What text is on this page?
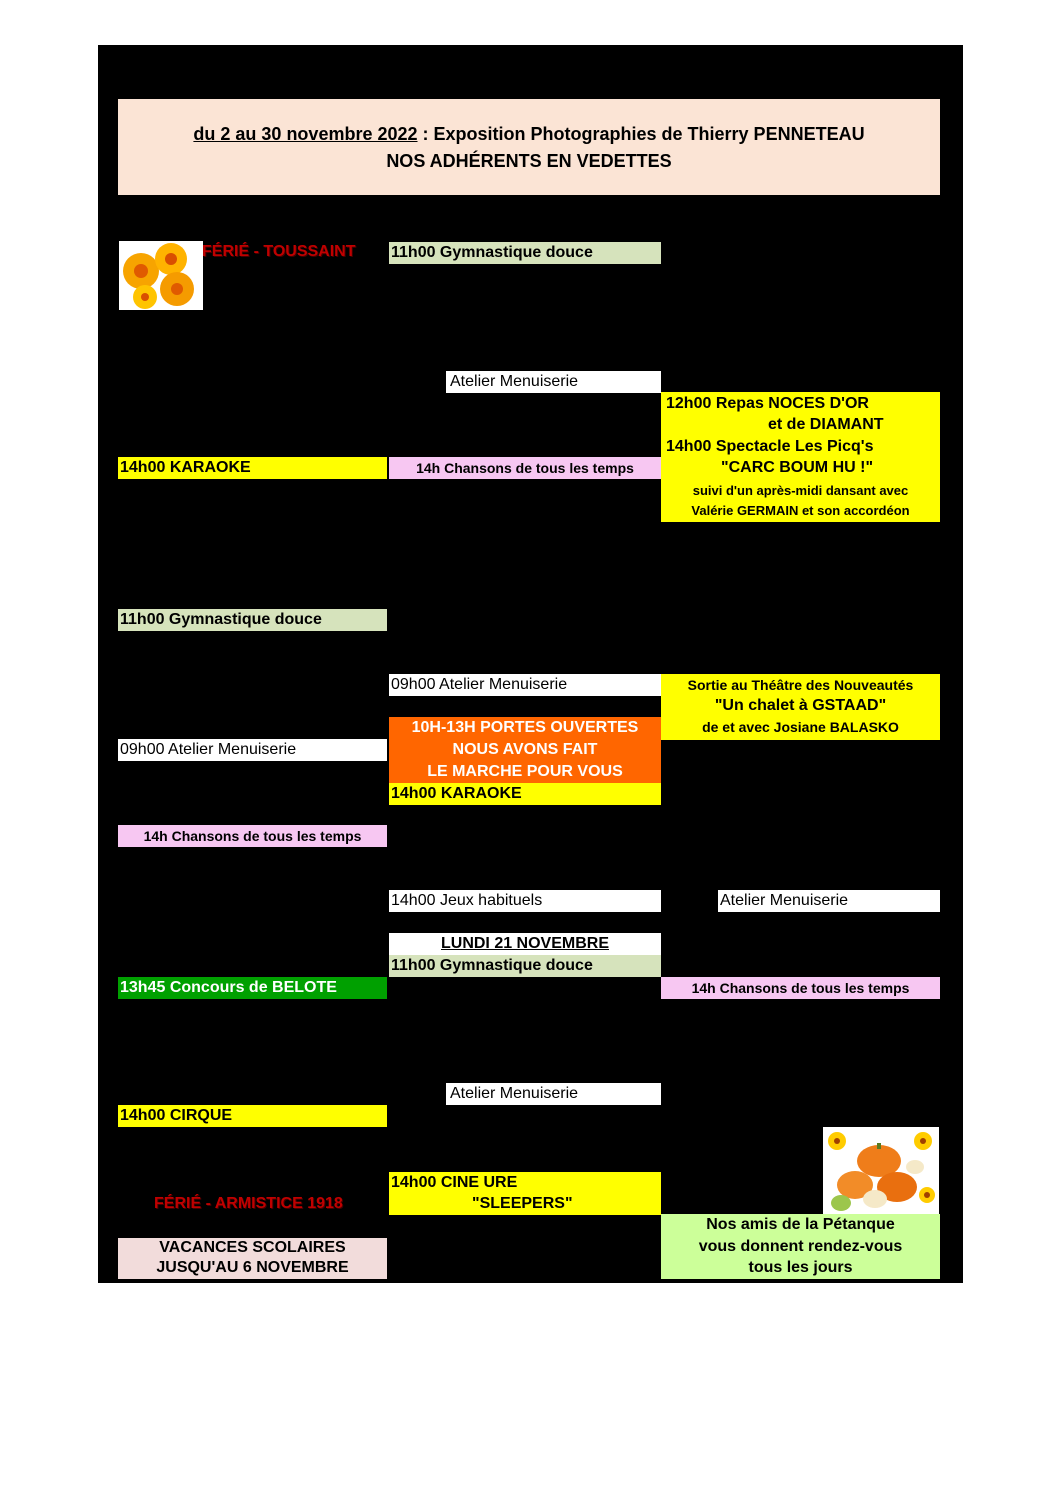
du 2 au 30 novembre 2022 : Exposition Photographies de Thierry PENNETEAU
NOS ADHÉRENTS EN VEDETTES
FÉRIÉ - TOUSSAINT 11h00 Gymnastique douce
Atelier Menuiserie
12h00 Repas NOCES D'OR
et de DIAMANT
14h00 Spectacle Les Picq's
"CARC BOUM HU !"
suivi d'un après-midi dansant avec
Valérie GERMAIN et son accordéon
14h00 KARAOKE	14h Chansons de tous les temps
11h00 Gymnastique douce
09h00 Atelier Menuiserie	Sortie au Théâtre des Nouveautés
"Un chalet à GSTAAD"
de et avec Josiane BALASKO
10H-13H PORTES OUVERTES
NOUS AVONS FAIT
LE MARCHE POUR VOUS
09h00 Atelier Menuiserie
14h00 KARAOKE
14h Chansons de tous les temps
14h00 Jeux habituels	Atelier Menuiserie
LUNDI 21 NOVEMBRE
11h00 Gymnastique douce
13h45 Concours de BELOTE	14h Chansons de tous les temps
Atelier Menuiserie
14h00 CIRQUE
14h00 CINE URE
"SLEEPERS"
FÉRIÉ - ARMISTICE 1918
Nos amis de la Pétanque
vous donnent rendez-vous
tous les jours
VACANCES SCOLAIRES
JUSQU'AU 6 NOVEMBRE
